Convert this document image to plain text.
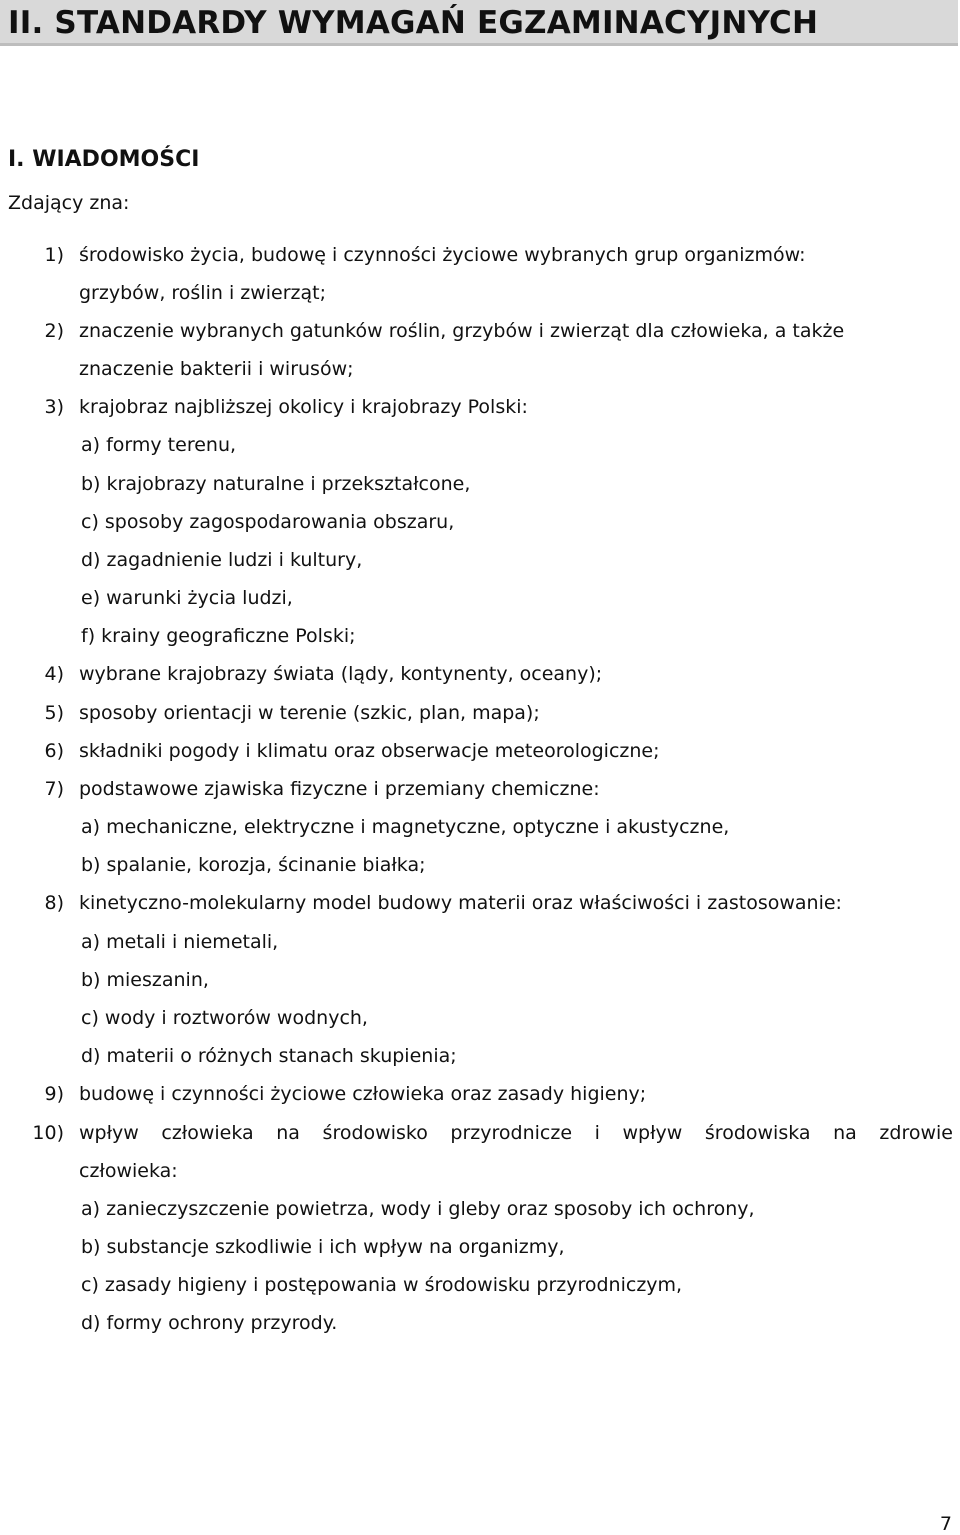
II. STANDARDY WYMAGAŃ EGZAMINACYJNYCH
I. WIADOMOŚCI
Zdający zna:
1) środowisko życia, budowę i czynności życiowe wybranych grup organizmów:
grzybów, roślin i zwierząt;
2) znaczenie wybranych gatunków roślin, grzybów i zwierząt dla człowieka, a także
znaczenie bakterii i wirusów;
3) krajobraz najbliższej okolicy i krajobrazy Polski:
a) formy terenu,
b) krajobrazy naturalne i przekształcone,
c) sposoby zagospodarowania obszaru,
d) zagadnienie ludzi i kultury,
e) warunki życia ludzi,
f) krainy geograficzne Polski;
4) wybrane krajobrazy świata (lądy, kontynenty, oceany);
5) sposoby orientacji w terenie (szkic, plan, mapa);
6) składniki pogody i klimatu oraz obserwacje meteorologiczne;
7) podstawowe zjawiska fizyczne i przemiany chemiczne:
a) mechaniczne, elektryczne i magnetyczne, optyczne i akustyczne,
b) spalanie, korozja, ścinanie białka;
8) kinetyczno-molekularny model budowy materii oraz właściwości i zastosowanie:
a) metali i niemetali,
b) mieszanin,
c) wody i roztworów wodnych,
d) materii o różnych stanach skupienia;
9) budowę i czynności życiowe człowieka oraz zasady higieny;
10) wpływ człowieka na środowisko przyrodnicze i wpływ środowiska na zdrowie
człowieka:
a) zanieczyszczenie powietrza, wody i gleby oraz sposoby ich ochrony,
b) substancje szkodliwie i ich wpływ na organizmy,
c) zasady higieny i postępowania w środowisku przyrodniczym,
d) formy ochrony przyrody.
7
